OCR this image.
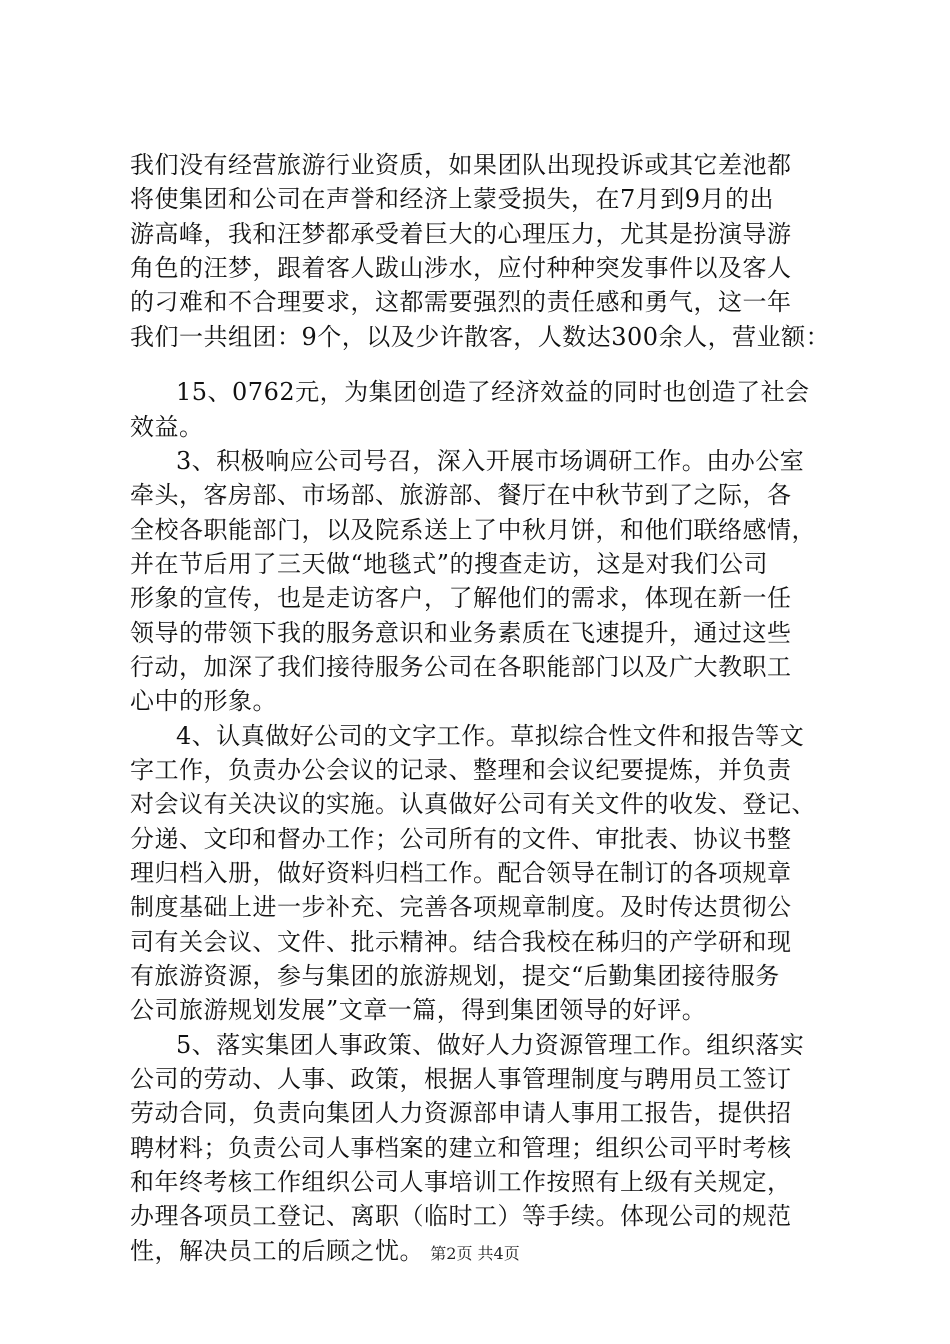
我们没有经营旅游行业资质，如果团队出现投诉或其它差池都
将使集团和公司在声誉和经济上蒙受损失，在7月到9月的出
游高峰，我和汪梦都承受着巨大的心理压力，尤其是扮演导游
角色的汪梦，跟着客人跋山涉水，应付种种突发事件以及客人
的刁难和不合理要求，这都需要强烈的责任感和勇气，这一年
我们一共组团：9个，以及少许散客，人数达300余人，营业额：
15、0762元，为集团创造了经济效益的同时也创造了社会
效益。
3、积极响应公司号召，深入开展市场调研工作。由办公室
牵头，客房部、市场部、旅游部、餐厅在中秋节到了之际，各
全校各职能部门，以及院系送上了中秋月饼，和他们联络感情，
并在节后用了三天做“地毯式”的搜查走访，这是对我们公司
形象的宣传，也是走访客户，了解他们的需求，体现在新一任
领导的带领下我的服务意识和业务素质在飞速提升，通过这些
行动，加深了我们接待服务公司在各职能部门以及广大教职工
心中的形象。
4、认真做好公司的文字工作。草拟综合性文件和报告等文
字工作，负责办公会议的记录、整理和会议纪要提炼，并负责
对会议有关决议的实施。认真做好公司有关文件的收发、登记、
分递、文印和督办工作；公司所有的文件、审批表、协议书整
理归档入册，做好资料归档工作。配合领导在制订的各项规章
制度基础上进一步补充、完善各项规章制度。及时传达贯彻公
司有关会议、文件、批示精神。结合我校在秭归的产学研和现
有旅游资源，参与集团的旅游规划，提交“后勤集团接待服务
公司旅游规划发展”文章一篇，得到集团领导的好评。
5、落实集团人事政策、做好人力资源管理工作。组织落实
公司的劳动、人事、政策，根据人事管理制度与聘用员工签订
劳动合同，负责向集团人力资源部申请人事用工报告，提供招
聘材料；负责公司人事档案的建立和管理；组织公司平时考核
和年终考核工作组织公司人事培训工作按照有上级有关规定，
办理各项员工登记、离职（临时工）等手续。体现公司的规范
性，解决员工的后顾之忧。 第2页 共4页
